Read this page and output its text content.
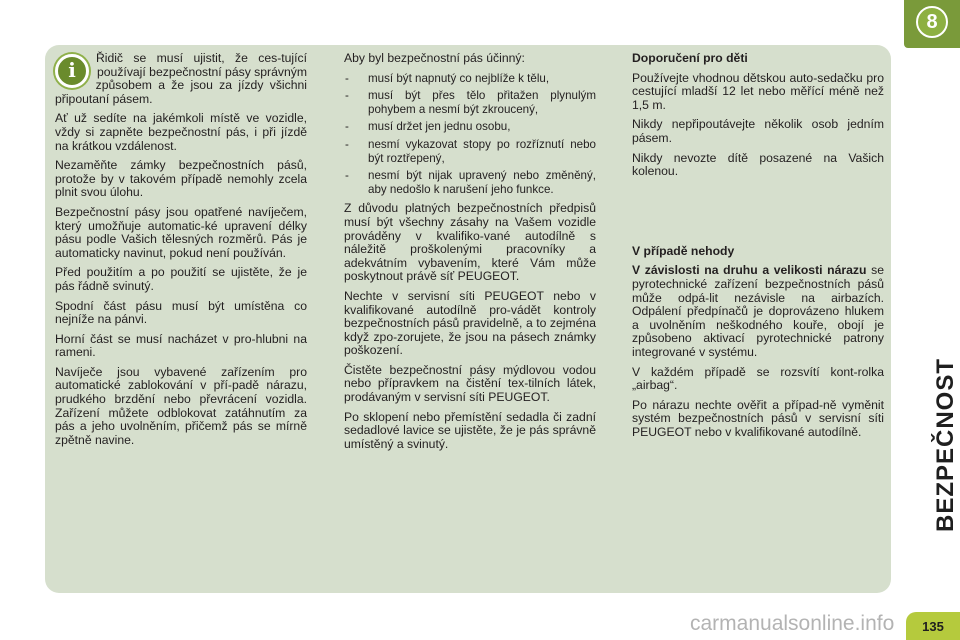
8
BEZPEČNOST
carmanualsonline.info	135
i

Řidič se musí ujistit, že ces-tující používají bezpečnostní pásy správným způsobem a že jsou za jízdy všichni připoutaní pásem.

Ať už sedíte na jakémkoli místě ve vozidle, vždy si zapněte bezpečnostní pás, i při jízdě na krátkou vzdálenost.

Nezaměňte zámky bezpečnostních pásů, protože by v takovém případě nemohly zcela plnit svou úlohu.

Bezpečnostní pásy jsou opatřené navíječem, který umožňuje automatic-ké upravení délky pásu podle Vašich tělesných rozměrů. Pás je automaticky navinut, pokud není používán.

Před použitím a po použití se ujistěte, že je pás řádně svinutý.

Spodní část pásu musí být umístěna co nejníže na pánvi.

Horní část se musí nacházet v pro-hlubni na rameni.

Navíječe jsou vybavené zařízením pro automatické zablokování v pří-padě nárazu, prudkého brzdění nebo převrácení vozidla. Zařízení můžete odblokovat zatáhnutím za pás a jeho uvolněním, přičemž pás se mírně zpětně navine.

Aby byl bezpečnostní pás účinný:

- musí být napnutý co nejblíže k tělu,
- musí být přes tělo přitažen plynulým pohybem a nesmí být zkroucený,
- musí držet jen jednu osobu,
- nesmí vykazovat stopy po rozříznutí nebo být roztřepený,
- nesmí být nijak upravený nebo změněný, aby nedošlo k narušení jeho funkce.

Z důvodu platných bezpečnostních předpisů musí být všechny zásahy na Vašem vozidle prováděny v kvalifiko-vané autodílně s náležitě proškolenými pracovníky a adekvátním vybavením, které Vám může poskytnout právě síť PEUGEOT.

Nechte v servisní síti PEUGEOT nebo v kvalifikované autodílně pro-vádět kontroly bezpečnostních pásů pravidelně, a to zejména když zpo-zorujete, že jsou na pásech známky poškození.

Čistěte bezpečnostní pásy mýdlovou vodou nebo přípravkem na čistění tex-tilních látek, prodávaným v servisní síti PEUGEOT.

Po sklopení nebo přemístění sedadla či zadní sedadlové lavice se ujistěte, že je pás správně umístěný a svinutý.

Doporučení pro děti

Používejte vhodnou dětskou auto-sedačku pro cestující mladší 12 let nebo měřící méně než 1,5 m.

Nikdy nepřipoutávejte několik osob jedním pásem.

Nikdy nevozte dítě posazené na Vašich kolenou.

V případě nehody

V závislosti na druhu a velikosti nárazu se pyrotechnické zařízení bezpečnostních pásů může odpá-lit nezávisle na airbazích. Odpálení předpínačů je doprovázeno hlukem a uvolněním neškodného kouře, obojí je způsobeno aktivací pyrotechnické patrony integrované v systému.

V každém případě se rozsvítí kont-rolka „airbag“.

Po nárazu nechte ověřit a případ-ně vyměnit systém bezpečnostních pásů v servisní síti PEUGEOT nebo v kvalifikované autodílně.
